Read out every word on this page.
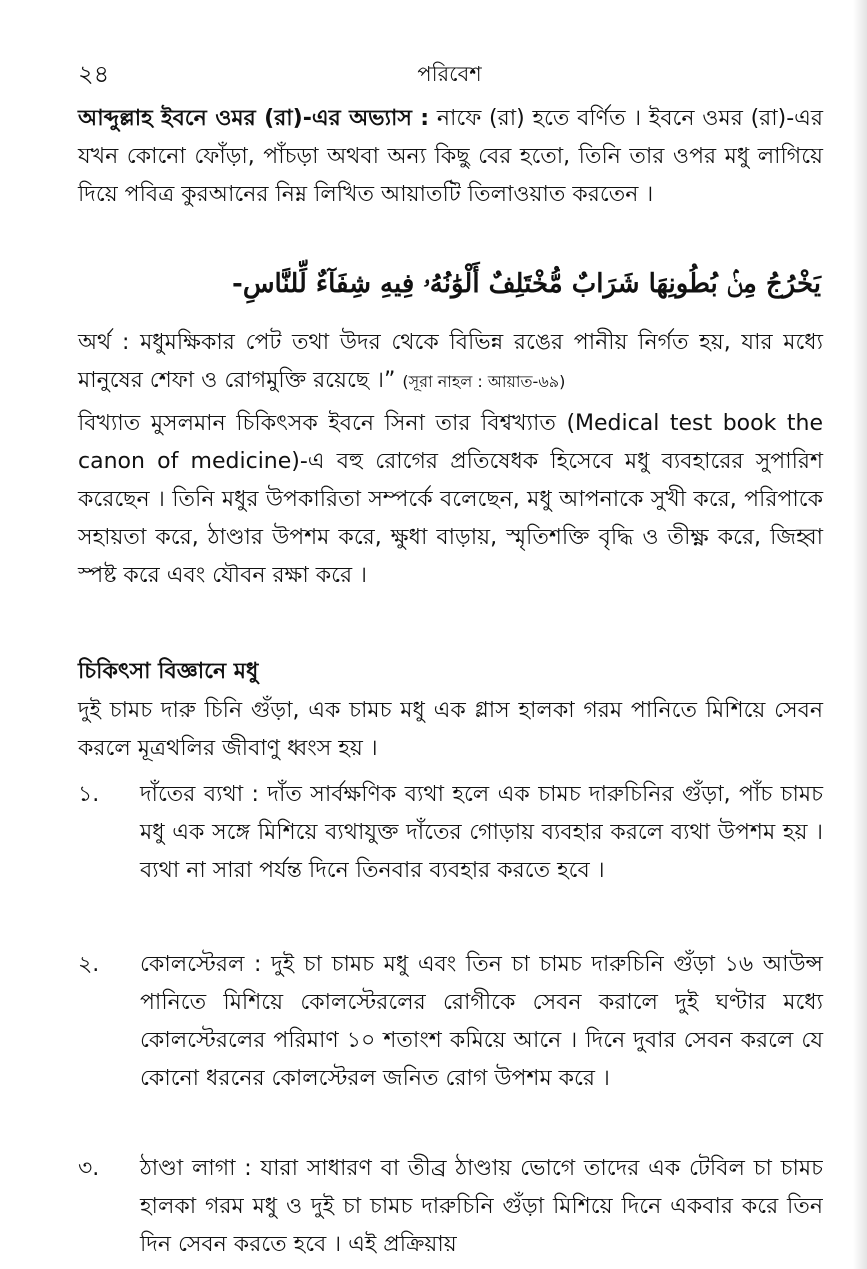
২৪	পরিবেশ

আব্দুল্লাহ ইবনে ওমর (রা)-এর অভ্যাস : নাফে (রা) হতে বর্ণিত । ইবনে ওমর (রা)-এর যখন কোনো ফোঁড়া, পাঁচড়া অথবা অন্য কিছু বের হতো, তিনি তার ওপর মধু লাগিয়ে দিয়ে পবিত্র কুরআনের নিম্ন লিখিত আয়াতটি তিলাওয়াত করতেন ।

يَخْرُجُ مِنۢ بُطُونِهَا شَرَابٌ مُّخْتَلِفٌ أَلْوَٰنُهُۥ فِيهِ شِفَآءٌ لِّلنَّاسِ-

অর্থ : মধুমক্ষিকার পেট তথা উদর থেকে বিভিন্ন রঙের পানীয় নির্গত হয়, যার মধ্যে মানুষের শেফা ও রোগমুক্তি রয়েছে ।” (সূরা নাহল : আয়াত-৬৯)

বিখ্যাত মুসলমান চিকিৎসক ইবনে সিনা তার বিশ্বখ্যাত (Medical test book the canon of medicine)-এ বহু রোগের প্রতিষেধক হিসেবে মধু ব্যবহারের সুপারিশ করেছেন । তিনি মধুর উপকারিতা সম্পর্কে বলেছেন, মধু আপনাকে সুখী করে, পরিপাকে সহায়তা করে, ঠাণ্ডার উপশম করে, ক্ষুধা বাড়ায়, স্মৃতিশক্তি বৃদ্ধি ও তীক্ষ্ণ করে, জিহ্বা স্পষ্ট করে এবং যৌবন রক্ষা করে ।

চিকিৎসা বিজ্ঞানে মধু

দুই চামচ দারু চিনি গুঁড়া, এক চামচ মধু এক গ্লাস হালকা গরম পানিতে মিশিয়ে সেবন করলে মূত্রথলির জীবাণু ধ্বংস হয় ।

১.	দাঁতের ব্যথা : দাঁত সার্বক্ষণিক ব্যথা হলে এক চামচ দারুচিনির গুঁড়া, পাঁচ চামচ মধু এক সঙ্গে মিশিয়ে ব্যথাযুক্ত দাঁতের গোড়ায় ব্যবহার করলে ব্যথা উপশম হয় । ব্যথা না সারা পর্যন্ত দিনে তিনবার ব্যবহার করতে হবে ।
২.	কোলস্টেরল : দুই চা চামচ মধু এবং তিন চা চামচ দারুচিনি গুঁড়া ১৬ আউন্স পানিতে মিশিয়ে কোলস্টেরলের রোগীকে সেবন করালে দুই ঘণ্টার মধ্যে কোলস্টেরলের পরিমাণ ১০ শতাংশ কমিয়ে আনে । দিনে দুবার সেবন করলে যে কোনো ধরনের কোলস্টেরল জনিত রোগ উপশম করে ।
৩.	ঠাণ্ডা লাগা : যারা সাধারণ বা তীব্র ঠাণ্ডায় ভোগে তাদের এক টেবিল চা চামচ হালকা গরম মধু ও দুই চা চামচ দারুচিনি গুঁড়া মিশিয়ে দিনে একবার করে তিন দিন সেবন করতে হবে । এই প্রক্রিয়ায়
